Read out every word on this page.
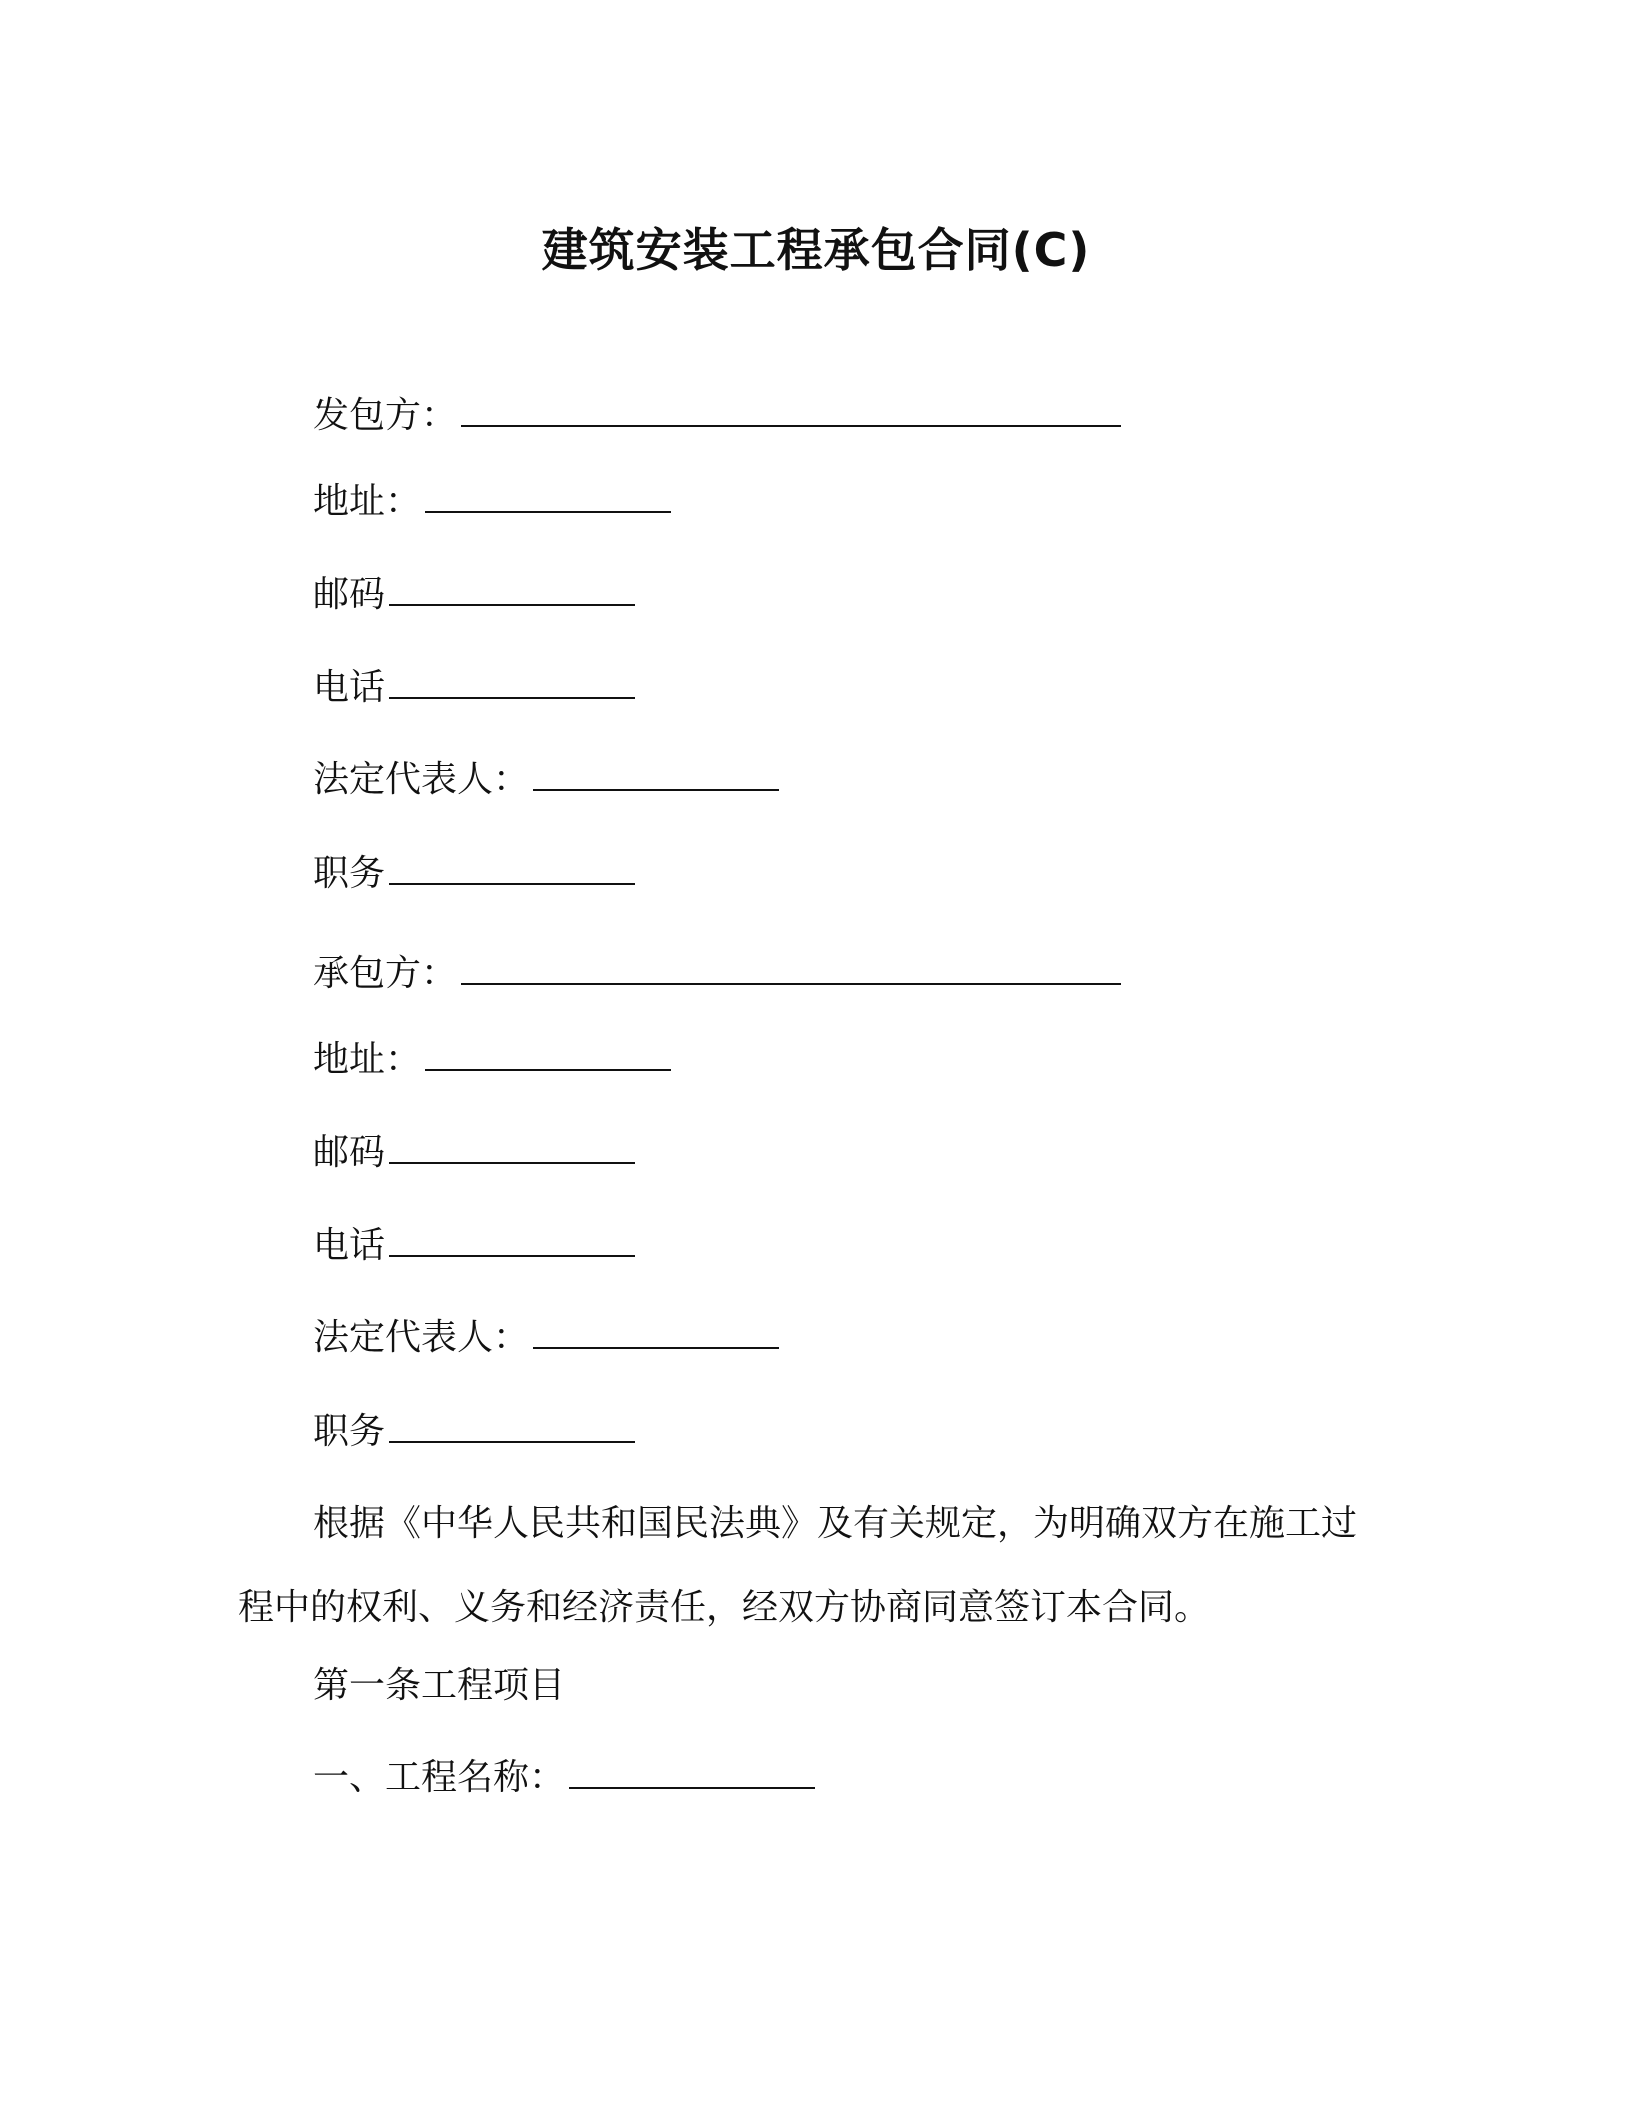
建筑安装工程承包合同(C)
发包方：
地址：
邮码
电话
法定代表人：
职务
承包方：
地址：
邮码
电话
法定代表人：
职务
根据《中华人民共和国民法典》及有关规定，为明确双方在施工过程中的权利、义务和经济责任，经双方协商同意签订本合同。
第一条工程项目
一、工程名称：
